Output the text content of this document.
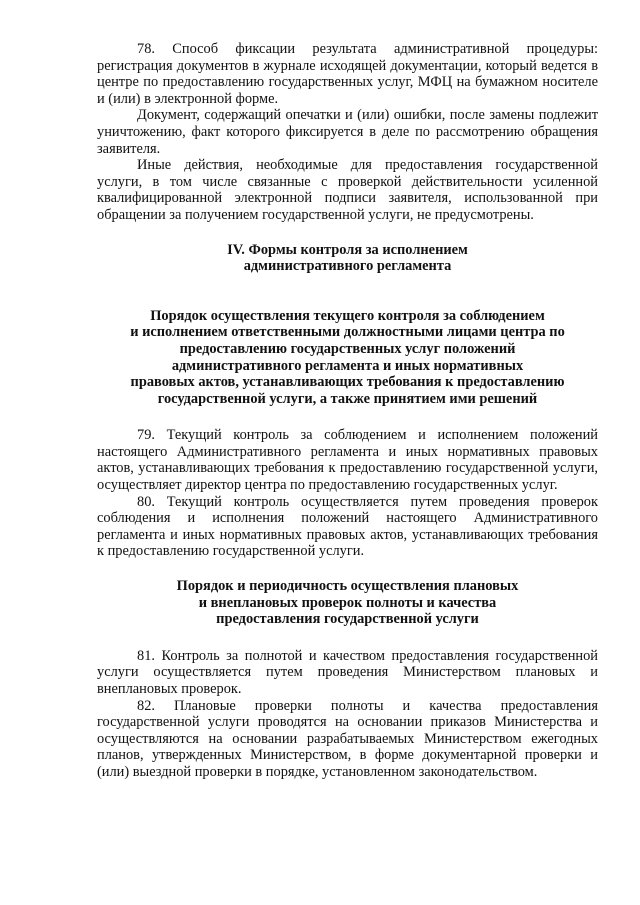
78. Способ фиксации результата административной процедуры: регистрация документов в журнале исходящей документации, который ведется в центре по предоставлению государственных услуг, МФЦ на бумажном носителе и (или) в электронной форме.

Документ, содержащий опечатки и (или) ошибки, после замены подлежит уничтожению, факт которого фиксируется в деле по рассмотрению обращения заявителя.

Иные действия, необходимые для предоставления государственной услуги, в том числе связанные с проверкой действительности усиленной квалифицированной электронной подписи заявителя, использованной при обращении за получением государственной услуги, не предусмотрены.

IV. Формы контроля за исполнением
административного регламента
Порядок осуществления текущего контроля за соблюдением
и исполнением ответственными должностными лицами центра по
предоставлению государственных услуг положений
административного регламента и иных нормативных
правовых актов, устанавливающих требования к предоставлению
государственной услуги, а также принятием ими решений

79. Текущий контроль за соблюдением и исполнением положений настоящего Административного регламента и иных нормативных правовых актов, устанавливающих требования к предоставлению государственной услуги, осуществляет директор центра по предоставлению государственных услуг.

80. Текущий контроль осуществляется путем проведения проверок соблюдения и исполнения положений настоящего Административного регламента и иных нормативных правовых актов, устанавливающих требования к предоставлению государственной услуги.

Порядок и периодичность осуществления плановых
и внеплановых проверок полноты и качества
предоставления государственной услуги

81. Контроль за полнотой и качеством предоставления государственной услуги осуществляется путем проведения Министерством плановых и внеплановых проверок.

82. Плановые проверки полноты и качества предоставления государственной услуги проводятся на основании приказов Министерства и осуществляются на основании разрабатываемых Министерством ежегодных планов, утвержденных Министерством, в форме документарной проверки и (или) выездной проверки в порядке, установленном законодательством.
